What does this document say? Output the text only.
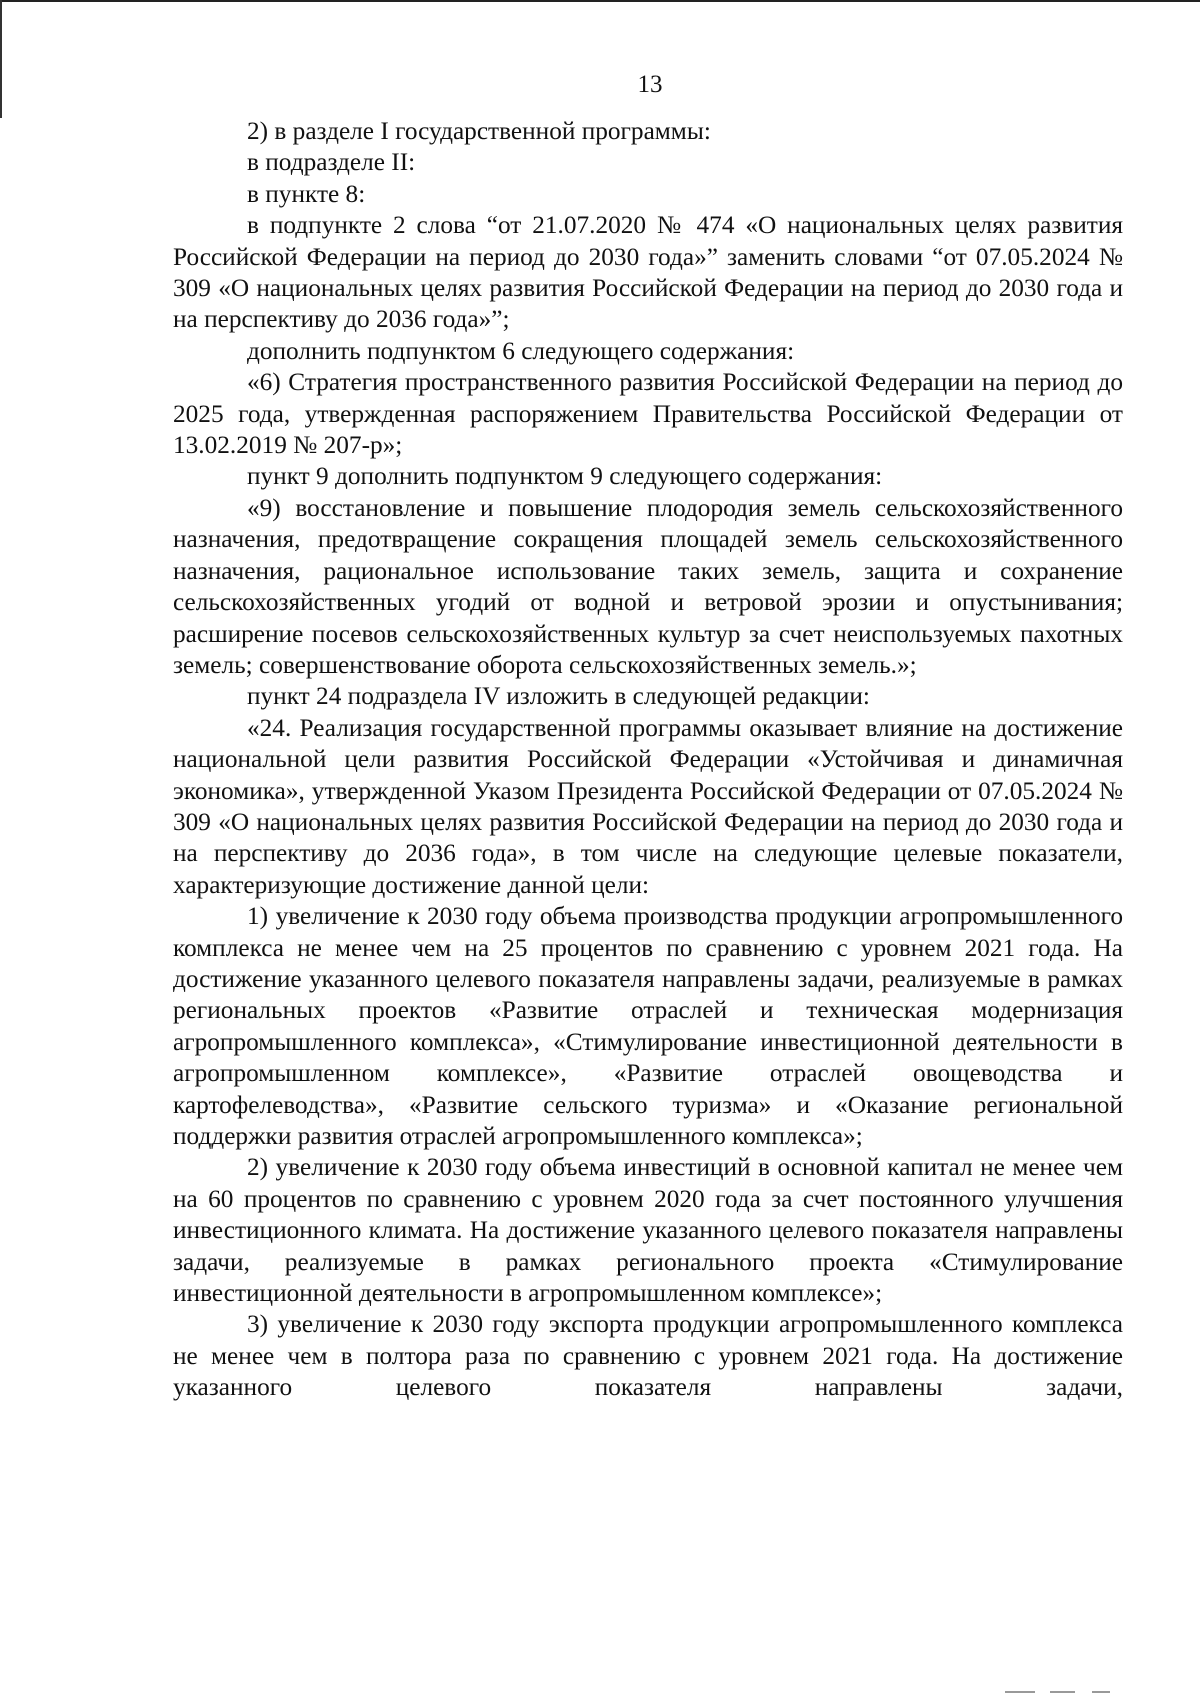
13

2) в разделе I государственной программы:

в подразделе II:

в пункте 8:

в подпункте 2 слова “от 21.07.2020 № 474 «О национальных целях развития Российской Федерации на период до 2030 года»” заменить словами “от 07.05.2024 № 309 «О национальных целях развития Российской Федерации на период до 2030 года и на перспективу до 2036 года»”;

дополнить подпунктом 6 следующего содержания:

«6) Стратегия пространственного развития Российской Федерации на период до 2025 года, утвержденная распоряжением Правительства Российской Федерации от 13.02.2019 № 207-р»;

пункт 9 дополнить подпунктом 9 следующего содержания:

«9) восстановление и повышение плодородия земель сельскохозяйственного назначения, предотвращение сокращения площадей земель сельскохозяйственного назначения, рациональное использование таких земель, защита и сохранение сельскохозяйственных угодий от водной и ветровой эрозии и опустынивания; расширение посевов сельскохозяйственных культур за счет неиспользуемых пахотных земель; совершенствование оборота сельскохозяйственных земель.»;

пункт 24 подраздела IV изложить в следующей редакции:

«24. Реализация государственной программы оказывает влияние на достижение национальной цели развития Российской Федерации «Устойчивая и динамичная экономика», утвержденной Указом Президента Российской Федерации от 07.05.2024 № 309 «О национальных целях развития Российской Федерации на период до 2030 года и на перспективу до 2036 года», в том числе на следующие целевые показатели, характеризующие достижение данной цели:

1) увеличение к 2030 году объема производства продукции агропромышленного комплекса не менее чем на 25 процентов по сравнению с уровнем 2021 года. На достижение указанного целевого показателя направлены задачи, реализуемые в рамках региональных проектов «Развитие отраслей и техническая модернизация агропромышленного комплекса», «Стимулирование инвестиционной деятельности в агропромышленном комплексе», «Развитие отраслей овощеводства и картофелеводства», «Развитие сельского туризма» и «Оказание региональной поддержки развития отраслей агропромышленного комплекса»;

2) увеличение к 2030 году объема инвестиций в основной капитал не менее чем на 60 процентов по сравнению с уровнем 2020 года за счет постоянного улучшения инвестиционного климата. На достижение указанного целевого показателя направлены задачи, реализуемые в рамках регионального проекта «Стимулирование инвестиционной деятельности в агропромышленном комплексе»;

3) увеличение к 2030 году экспорта продукции агропромышленного комплекса не менее чем в полтора раза по сравнению с уровнем 2021 года. На достижение указанного целевого показателя направлены задачи,
